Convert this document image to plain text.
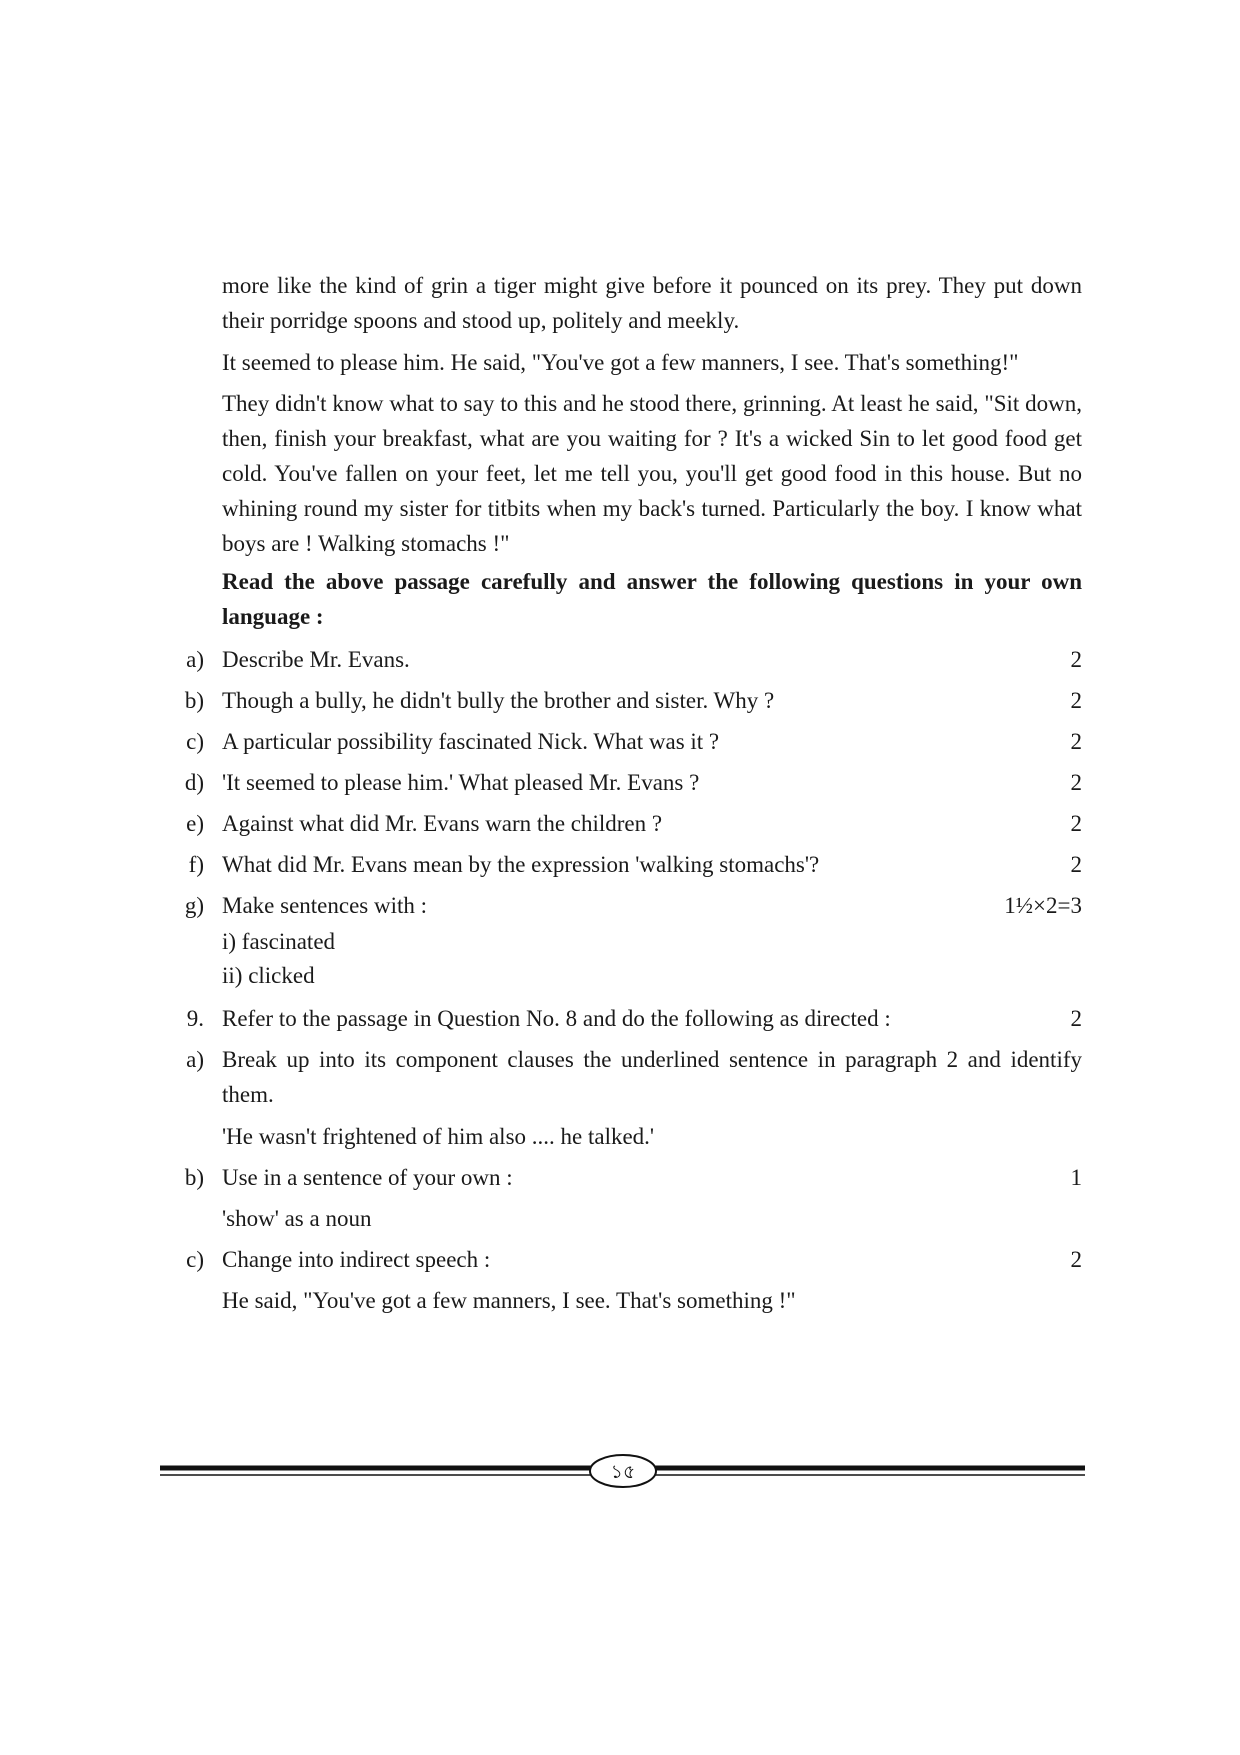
more like the kind of grin a tiger might give before it pounced on its prey. They put down their porridge spoons and stood up, politely and meekly.
It seemed to please him. He said, "You've got a few manners, I see. That's something!"
They didn't know what to say to this and he stood there, grinning. At least he said, "Sit down, then, finish your breakfast, what are you waiting for ? It's a wicked Sin to let good food get cold. You've fallen on your feet, let me tell you, you'll get good food in this house. But no whining round my sister for titbits when my back's turned. Particularly the boy. I know what boys are ! Walking stomachs !"
Read the above passage carefully and answer the following questions in your own language :
a) Describe Mr. Evans.	2
b) Though a bully, he didn't bully the brother and sister. Why ?	2
c) A particular possibility fascinated Nick. What was it ?	2
d) 'It seemed to please him.' What pleased Mr. Evans ?	2
e) Against what did Mr. Evans warn the children ?	2
f) What did Mr. Evans mean by the expression 'walking stomachs'?	2
g) Make sentences with :	1½×2=3
i) fascinated
ii) clicked
9. Refer to the passage in Question No. 8 and do the following as directed :	2
a) Break up into its component clauses the underlined sentence in paragraph 2 and identify them.
'He wasn't frightened of him also .... he talked.'
b) Use in a sentence of your own :	1
'show' as a noun
c) Change into indirect speech :	2
He said, "You've got a few manners, I see. That's something !"
১৫
